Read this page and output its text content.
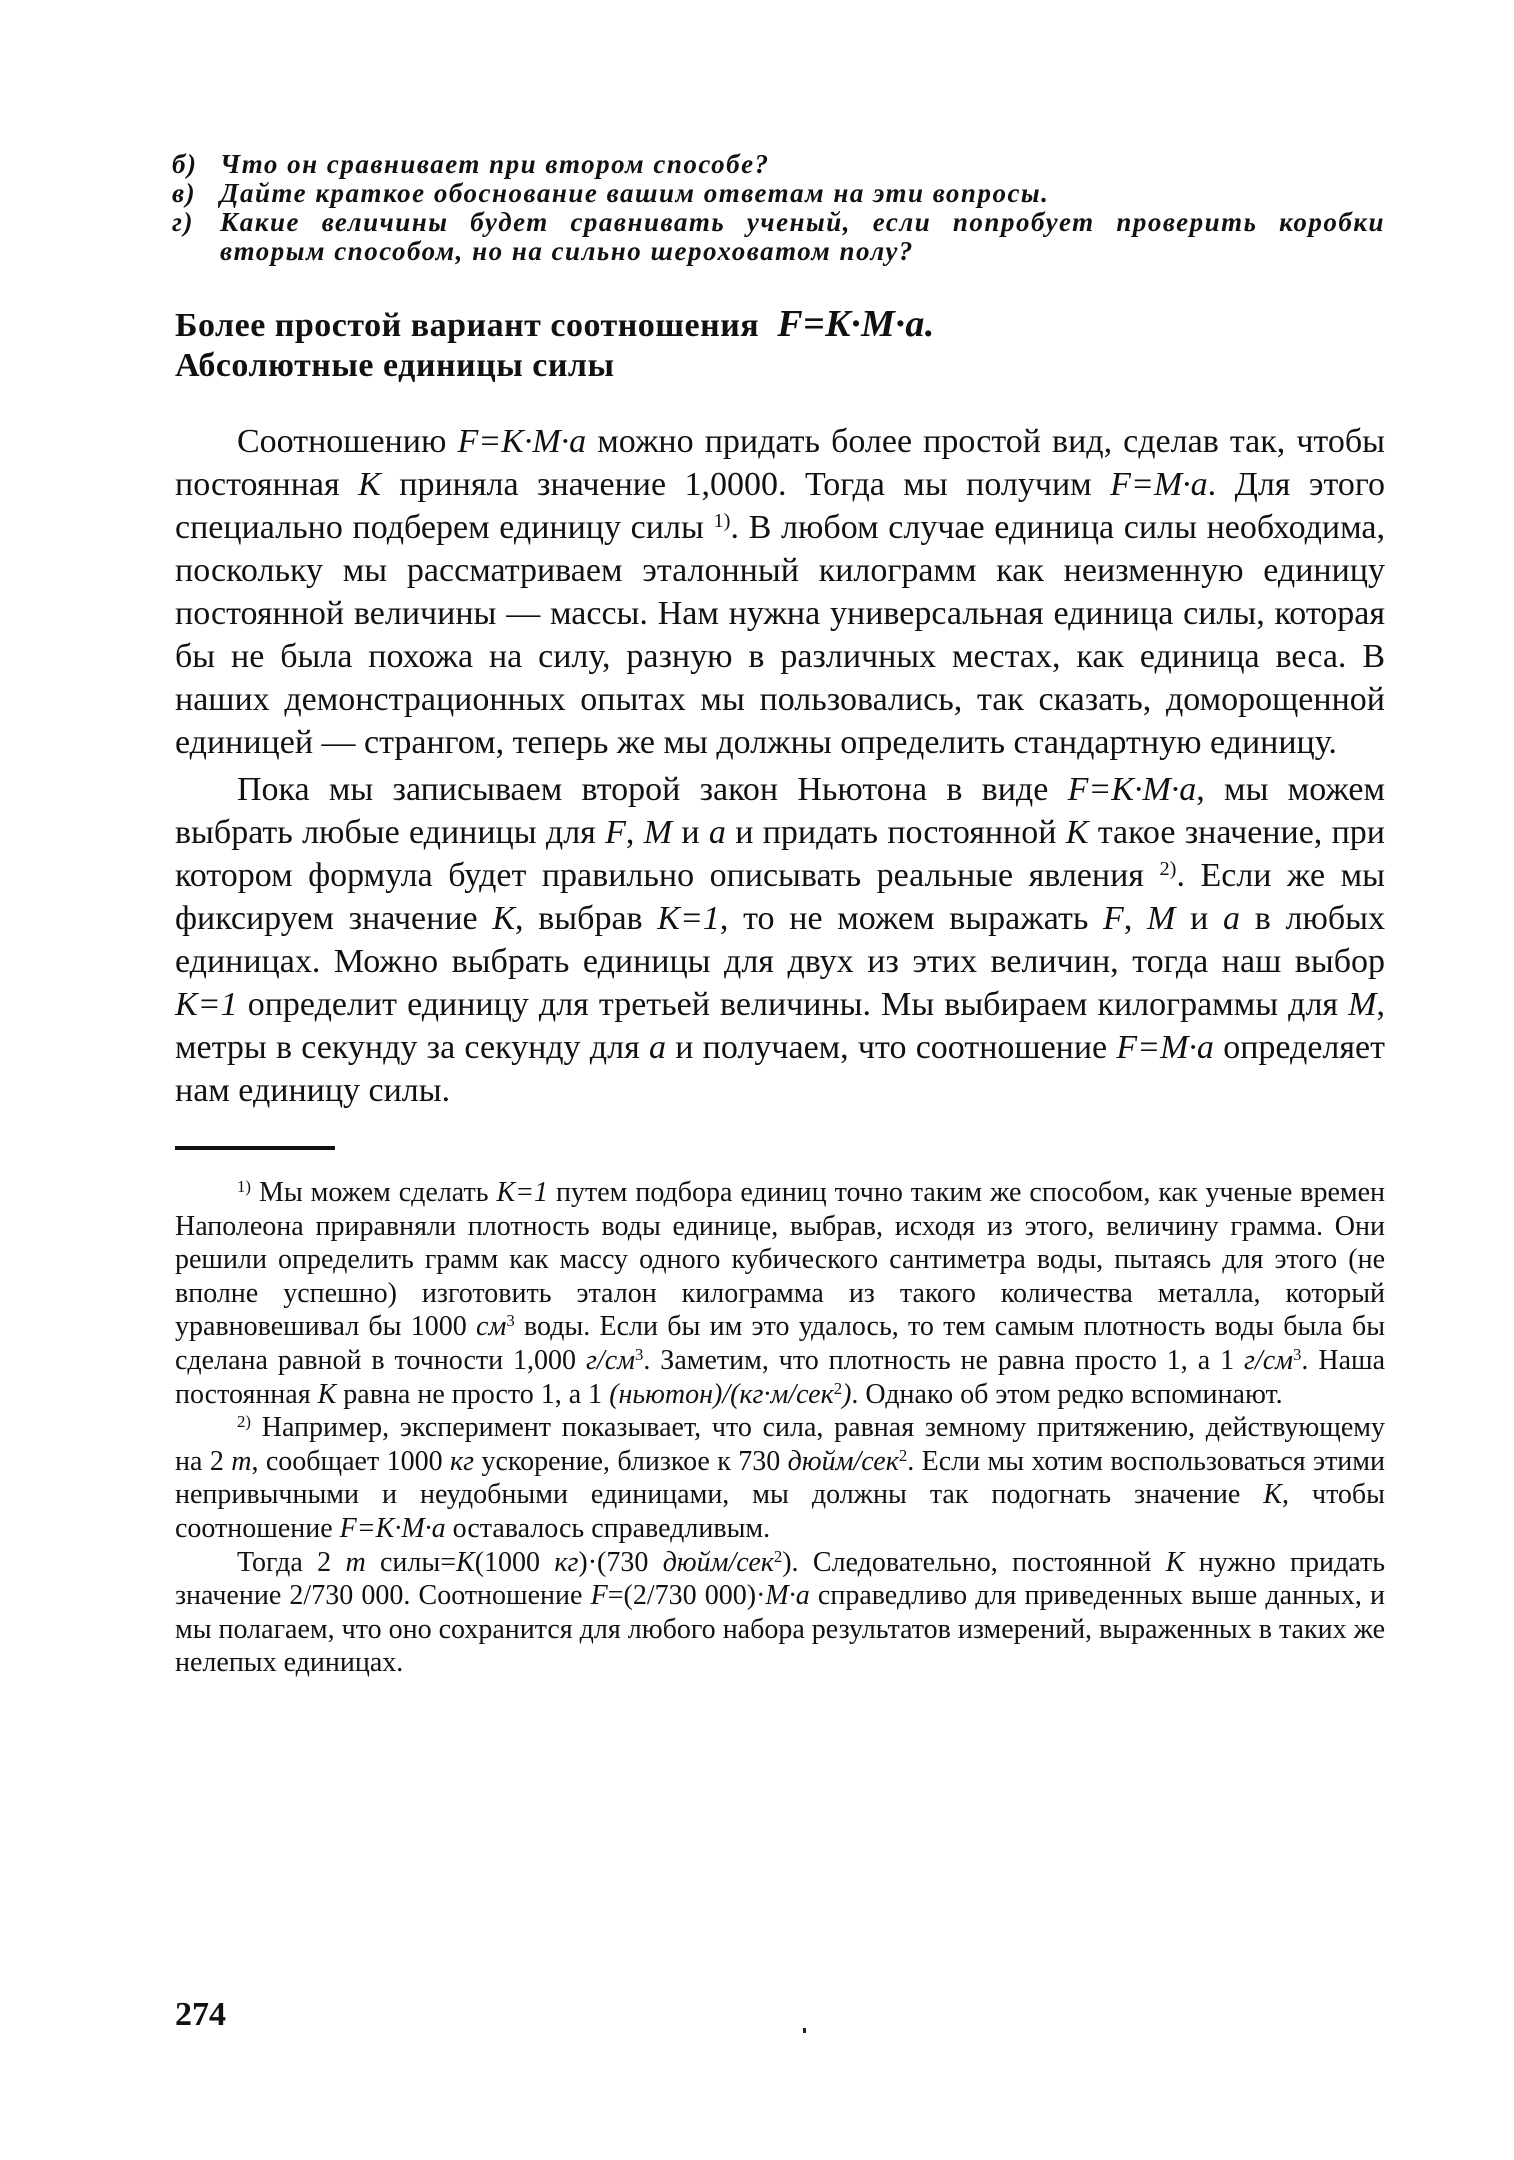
б) Что он сравнивает при втором способе?
в) Дайте краткое обоснование вашим ответам на эти вопросы.
г) Какие величины будет сравнивать ученый, если попробует проверить коробки вторым способом, но на сильно шероховатом полу?
Более простой вариант соотношения F=K·M·a.
Абсолютные единицы силы

Соотношению F=K·M·a можно придать более простой вид, сделав так, чтобы постоянная K приняла значение 1,0000. Тогда мы получим F=M·a. Для этого специально подберем единицу силы $^{1)}$. В любом случае единица силы необходима, поскольку мы рассматриваем эталонный килограмм как неизменную единицу постоянной величины — массы. Нам нужна универсальная единица силы, которая бы не была похожа на силу, разную в различных местах, как единица веса. В наших демонстрационных опытах мы пользовались, так сказать, доморощенной единицей — странгом, теперь же мы должны определить стандартную единицу.

Пока мы записываем второй закон Ньютона в виде F=K·M·a, мы можем выбрать любые единицы для F, M и a и придать постоянной K такое значение, при котором формула будет правильно описывать реальные явления $^{2)}$. Если же мы фиксируем значение K, выбрав K=1, то не можем выражать F, M и a в любых единицах. Можно выбрать единицы для двух из этих величин, тогда наш выбор K=1 определит единицу для третьей величины. Мы выбираем килограммы для M, метры в секунду за секунду для a и получаем, что соотношение F=M·a определяет нам единицу силы.

$^{1)}$ Мы можем сделать K=1 путем подбора единиц точно таким же способом, как ученые времен Наполеона приравняли плотность воды единице, выбрав, исходя из этого, величину грамма. Они решили определить грамм как массу одного кубического сантиметра воды, пытаясь для этого (не вполне успешно) изготовить эталон килограмма из такого количества металла, который уравновешивал бы 1000 $см^3$ воды. Если бы им это удалось, то тем самым плотность воды была бы сделана равной в точности 1,000 $г/см^3$. Заметим, что плотность не равна просто 1, а 1 $г/см^3$. Наша постоянная K равна не просто 1, а 1 (ньютон)/(кг·м/сек$^2$). Однако об этом редко вспоминают.

$^{2)}$ Например, эксперимент показывает, что сила, равная земному притяжению, действующему на 2 т, сообщает 1000 кг ускорение, близкое к 730 дюйм/сек$^2$. Если мы хотим воспользоваться этими непривычными и неудобными единицами, мы должны так подогнать значение K, чтобы соотношение F=K·M·a оставалось справедливым.

Тогда 2 т силы=K(1000 кг)·(730 дюйм/сек$^2$). Следовательно, постоянной K нужно придать значение 2/730 000. Соотношение F=(2/730 000)·M·a справедливо для приведенных выше данных, и мы полагаем, что оно сохранится для любого набора результатов измерений, выраженных в таких же нелепых единицах.

274
